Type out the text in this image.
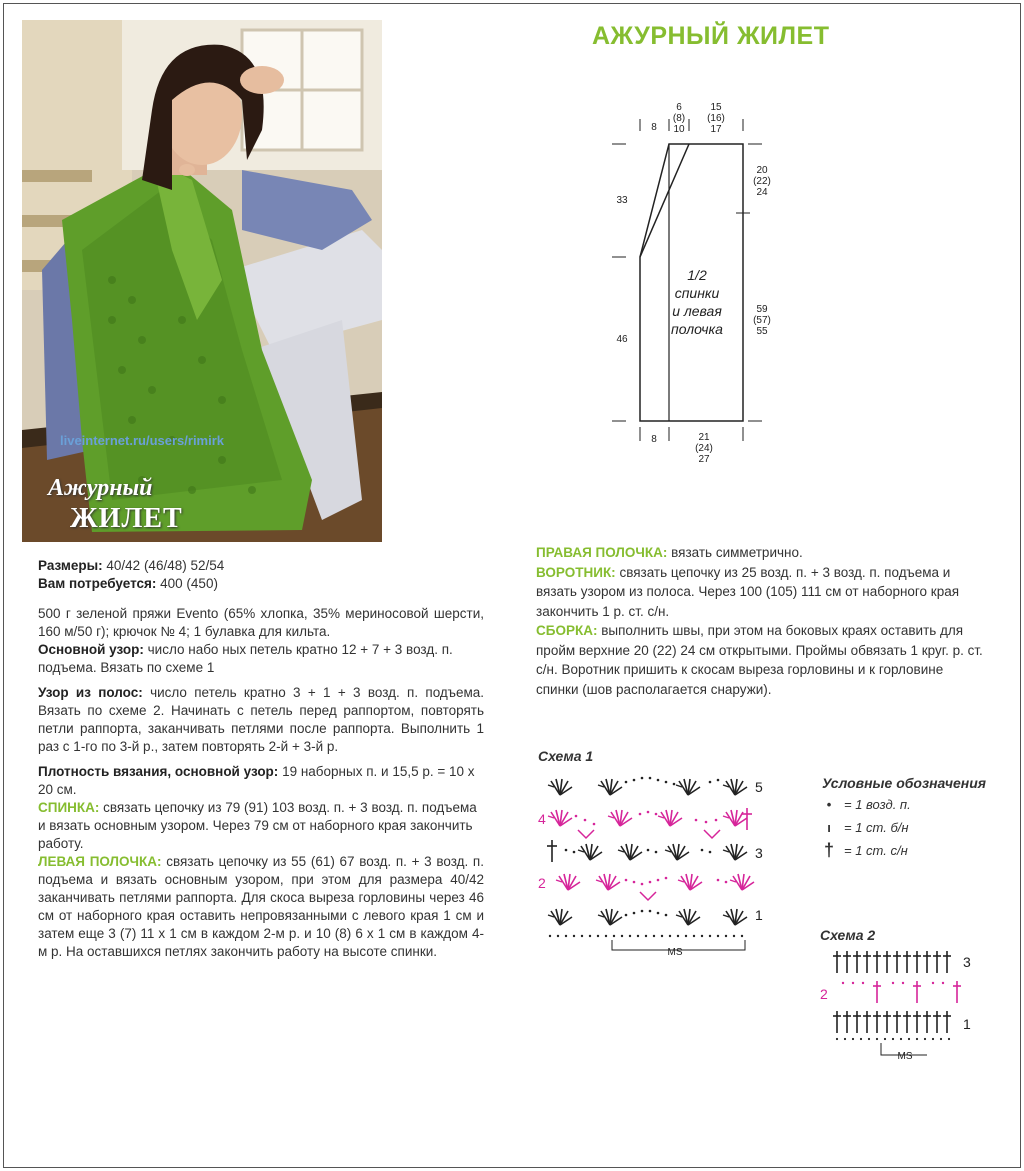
liveinternet.ru/users/rimirk
Ажурный
ЖИЛЕТ
АЖУРНЫЙ ЖИЛЕТ
8
6
(8)
10
15
(16)
17
20
(22)
24
33
46
59
(57)
55
8	21
(24)
27
1/2
спинки
и левая
полочка

Размеры: 40/42 (46/48) 52/54

Вам потребуется: 400 (450)

500 г зеленой пряжи Evento (65% хлопка, 35% мериносовой шерсти, 160 м/50 г); крючок № 4; 1 булавка для кильта.

Основной узор: число набо ных петель кратно 12 + 7 + 3 возд. п. подъема. Вязать по схеме 1

Узор из полос: число петель кратно 3 + 1 + 3 возд. п. подъема. Вязать по схеме 2. Начинать с петель перед раппортом, повторять петли раппорта, заканчивать петлями после раппорта. Выполнить 1 раз с 1-го по 3-й р., затем повторять 2-й + 3-й р.

Плотность вязания, основной узор: 19 наборных п. и 15,5 р. = 10 х 20 см.

СПИНКА: связать цепочку из 79 (91) 103 возд. п. + 3 возд. п. подъема и вязать основным узором. Через 79 см от наборного края закончить работу.

ЛЕВАЯ ПОЛОЧКА: связать цепочку из 55 (61) 67 возд. п. + 3 возд. п. подъема и вязать основным узором, при этом для размера 40/42 заканчивать петлями раппорта. Для скоса выреза горловины через 46 см от наборного края оставить непровязанными с левого края 1 см и затем еще 3 (7) 11 х 1 см в каждом 2-м р. и 10 (8) 6 х 1 см в каждом 4-м р. На оставшихся петлях закончить работу на высоте спинки.

ПРАВАЯ ПОЛОЧКА: вязать симметрично.

ВОРОТНИК: связать цепочку из 25 возд. п. + 3 возд. п. подъема и вязать узором из полоса. Через 100 (105) 111 см от наборного края закончить 1 р. ст. с/н.

СБОРКА: выполнить швы, при этом на боковых краях оставить для пройм верхние 20 (22) 24 см открытыми. Проймы обвязать 1 круг. р. ст. с/н. Воротник пришить к скосам выреза горловины и к горловине спинки (шов располагается снаружи).

Схема 1
MS
5
4
3
2
1
Условные обозначения
• = 1 возд. п.
ı	= 1 ст. б/н
† = 1 ст. с/н
Схема 2
MS
3
2
1
